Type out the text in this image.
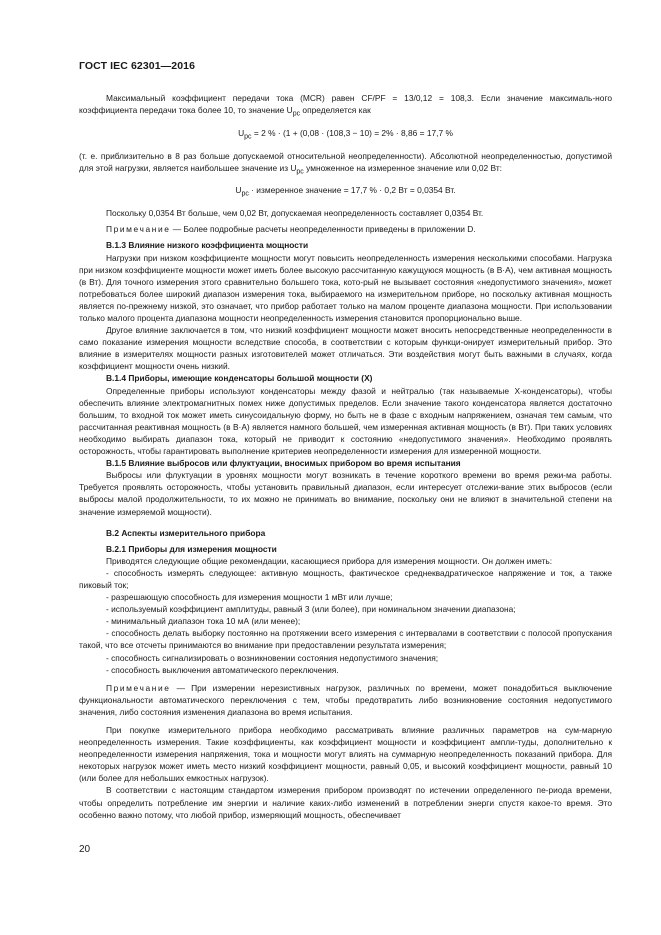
ГОСТ IEC 62301—2016

Максимальный коэффициент передачи тока (MCR) равен CF/PF = 13/0,12 = 108,3. Если значение максималь-ного коэффициента передачи тока более 10, то значение $U_{pc}$ определяется как

$U_{pc} = 2$ % · (1 + (0,08 · (108,3 − 10) = 2% · 8,86 = 17,7 %

(т. е. приблизительно в 8 раз больше допускаемой относительной неопределенности). Абсолютной неопределенностью, допустимой для этой нагрузки, является наибольшее значение из $U_{pc}$ умноженное на измеренное значение или 0,02 Вт:

$U_{pc}$ · измеренное значение = 17,7 % · 0,2 Вт = 0,0354 Вт.

Поскольку 0,0354 Вт больше, чем 0,02 Вт, допускаемая неопределенность составляет 0,0354 Вт.

Примечание — Более подробные расчеты неопределенности приведены в приложении D.

В.1.3 Влияние низкого коэффициента мощности

Нагрузки при низком коэффициенте мощности могут повысить неопределенность измерения несколькими способами. Нагрузка при низком коэффициенте мощности может иметь более высокую рассчитанную кажущуюся мощность (в В·А), чем активная мощность (в Вт). Для точного измерения этого сравнительно большего тока, кото-рый не вызывает состояния «недопустимого значения», может потребоваться более широкий диапазон измерения тока, выбираемого на измерительном приборе, но поскольку активная мощность является по-прежнему низкой, это означает, что прибор работает только на малом проценте диапазона мощности. При использовании только малого процента диапазона мощности неопределенность измерения становится пропорционально выше.

Другое влияние заключается в том, что низкий коэффициент мощности может вносить непосредственные неопределенности в само показание измерения мощности вследствие способа, в соответствии с которым функци-онирует измерительный прибор. Это влияние в измерителях мощности разных изготовителей может отличаться. Эти воздействия могут быть важными в случаях, когда коэффициент мощности очень низкий.

В.1.4 Приборы, имеющие конденсаторы большой мощности (X)

Определенные приборы используют конденсаторы между фазой и нейтралью (так называемые X-конденсаторы), чтобы обеспечить влияние электромагнитных помех ниже допустимых пределов. Если значение такого конденсатора является достаточно большим, то входной ток может иметь синусоидальную форму, но быть не в фазе с входным напряжением, означая тем самым, что рассчитанная реактивная мощность (в В·А) является намного большей, чем измеренная активная мощность (в Вт). При таких условиях необходимо выбирать диапазон тока, который не приводит к состоянию «недопустимого значения». Необходимо проявлять осторожность, чтобы гарантировать выполнение критериев неопределенности измерения для измеренной мощности.

В.1.5 Влияние выбросов или флуктуации, вносимых прибором во время испытания

Выбросы или флуктуации в уровнях мощности могут возникать в течение короткого времени во время режи-ма работы. Требуется проявлять осторожность, чтобы установить правильный диапазон, если интересует отслежи-вание этих выбросов (если выбросы малой продолжительности, то их можно не принимать во внимание, поскольку они не влияют в значительной степени на значение измеряемой мощности).

В.2 Аспекты измерительного прибора

В.2.1 Приборы для измерения мощности

Приводятся следующие общие рекомендации, касающиеся прибора для измерения мощности. Он должен иметь:

- способность измерять следующее: активную мощность, фактическое среднеквадратическое напряжение и ток, а также пиковый ток;

- разрешающую способность для измерения мощности 1 мВт или лучше;

- используемый коэффициент амплитуды, равный 3 (или более), при номинальном значении диапазона;

- минимальный диапазон тока 10 мА (или менее);

- способность делать выборку постоянно на протяжении всего измерения с интервалами в соответствии с полосой пропускания такой, что все отсчеты принимаются во внимание при предоставлении результата измерения;

- способность сигнализировать о возникновении состояния недопустимого значения;

- способность выключения автоматического переключения.

Примечание — При измерении нерезистивных нагрузок, различных по времени, может понадобиться выключение функциональности автоматического переключения с тем, чтобы предотвратить либо возникновение состояния недопустимого значения, либо состояния изменения диапазона во время испытания.

При покупке измерительного прибора необходимо рассматривать влияние различных параметров на сум-марную неопределенность измерения. Такие коэффициенты, как коэффициент мощности и коэффициент ампли-туды, дополнительно к неопределенности измерения напряжения, тока и мощности могут влиять на суммарную неопределенность показаний прибора. Для некоторых нагрузок может иметь место низкий коэффициент мощности, равный 0,05, и высокий коэффициент мощности, равный 10 (или более для небольших емкостных нагрузок).

В соответствии с настоящим стандартом измерения прибором производят по истечении определенного пе-риода времени, чтобы определить потребление им энергии и наличие каких-либо изменений в потреблении энерги спустя какое-то время. Это особенно важно потому, что любой прибор, измеряющий мощность, обеспечивает

20
